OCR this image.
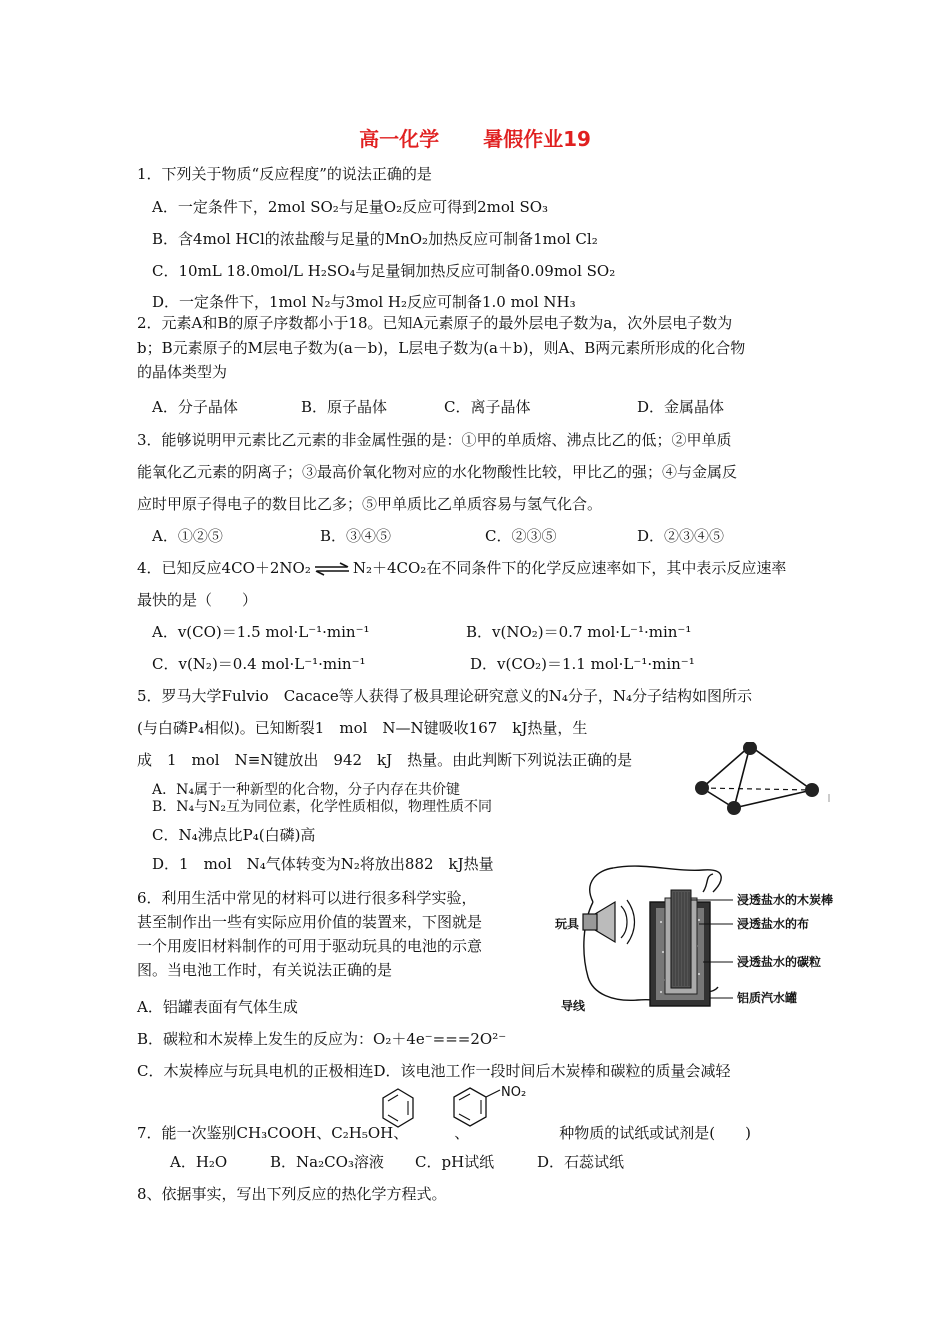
高一化学 暑假作业19
1．下列关于物质“反应程度”的说法正确的是
A．一定条件下，2mol SO₂与足量O₂反应可得到2mol SO₃
B．含4mol HCl的浓盐酸与足量的MnO₂加热反应可制备1mol Cl₂
C．10mL 18.0mol/L H₂SO₄与足量铜加热反应可制备0.09mol SO₂
D．一定条件下，1mol N₂与3mol H₂反应可制备1.0 mol NH₃
2．元素A和B的原子序数都小于18。已知A元素原子的最外层电子数为a，次外层电子数为
b；B元素原子的M层电子数为(a－b)，L层电子数为(a＋b)，则A、B两元素所形成的化合物
的晶体类型为
A．分子晶体	B．原子晶体	C．离子晶体	D．金属晶体
3．能够说明甲元素比乙元素的非金属性强的是：①甲的单质熔、沸点比乙的低；②甲单质
能氧化乙元素的阴离子；③最高价氧化物对应的水化物酸性比较，甲比乙的强；④与金属反
应时甲原子得电子的数目比乙多；⑤甲单质比乙单质容易与氢气化合。
A．①②⑤	B．③④⑤	C．②③⑤	D．②③④⑤
4．已知反应4CO＋2NO₂ ⇌ N₂＋4CO₂在不同条件下的化学反应速率如下，其中表示反应速率
最快的是（　　）
A．v(CO)＝1.5 mol·L⁻¹·min⁻¹	B．v(NO₂)＝0.7 mol·L⁻¹·min⁻¹
C．v(N₂)＝0.4 mol·L⁻¹·min⁻¹	D．v(CO₂)＝1.1 mol·L⁻¹·min⁻¹
5．罗马大学Fulvio　Cacace等人获得了极具理论研究意义的N₄分子，N₄分子结构如图所示
(与白磷P₄相似)。已知断裂1　mol　N—N键吸收167　kJ热量，生
成　1　mol　N≡N键放出　942　kJ　热量。由此判断下列说法正确的是
A．N₄属于一种新型的化合物，分子内存在共价键
B．N₄与N₂互为同位素，化学性质相似，物理性质不同
C．N₄沸点比P₄(白磷)高
D．1　mol　N₄气体转变为N₂将放出882　kJ热量
6．利用生活中常见的材料可以进行很多科学实验，
甚至制作出一些有实际应用价值的装置来，下图就是
一个用废旧材料制作的可用于驱动玩具的电池的示意
图。当电池工作时，有关说法正确的是
A．铝罐表面有气体生成
B．碳粒和木炭棒上发生的反应为：O₂＋4e⁻===2O²⁻
C．木炭棒应与玩具电机的正极相连D．该电池工作一段时间后木炭棒和碳粒的质量会减轻
玩具
导线
浸透盐水的木炭棒
浸透盐水的布
浸透盐水的碳粒
铝质汽水罐
NO₂
7．能一次鉴别CH₃COOH、C₂H₅OH、	、	种物质的试纸或试剂是(　　)
A．H₂O	B．Na₂CO₃溶液 C．pH试纸	D．石蕊试纸
8、依据事实，写出下列反应的热化学方程式。
